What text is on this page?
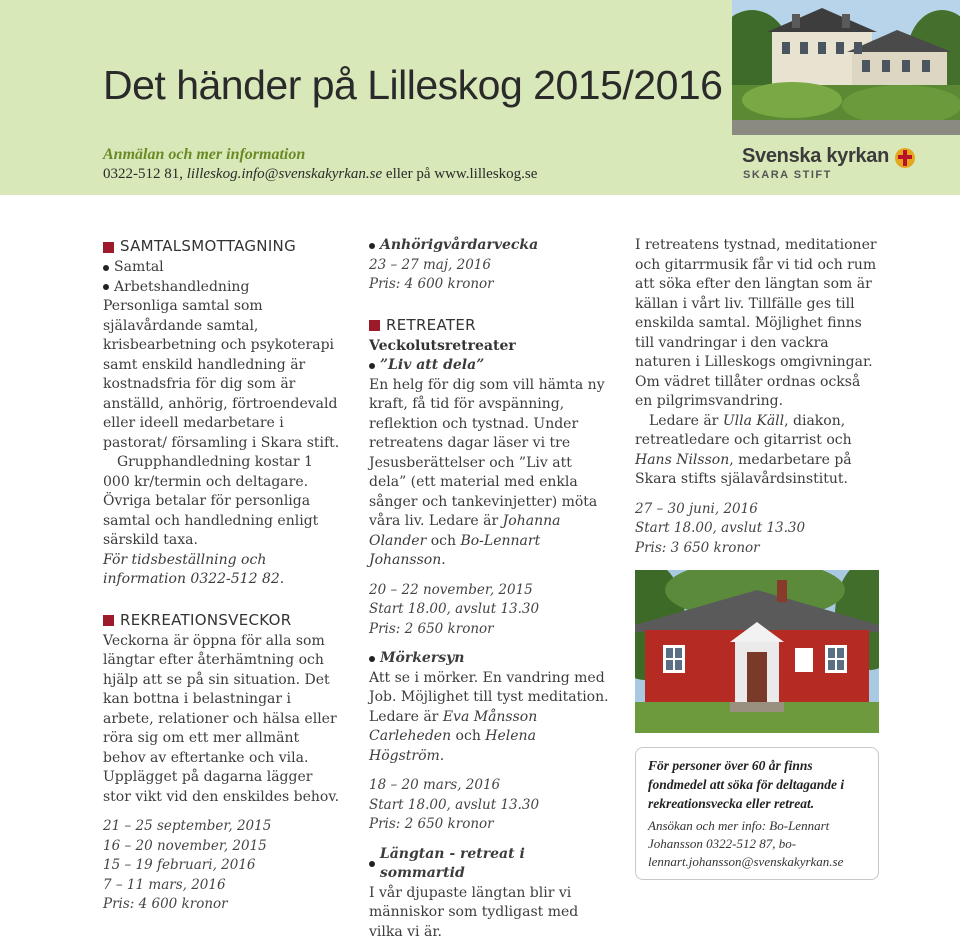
Det händer på Lilleskog 2015/2016
Anmälan och mer information
0322-512 81, lilleskog.info@svenskakyrkan.se eller på www.lilleskog.se
Svenska kyrkan
SKARA STIFT
SAMTALSMOTTAGNING
Samtal
Arbetshandledning

Personliga samtal som själavårdande samtal, krisbearbetning och psykoterapi samt enskild handledning är kostnadsfria för dig som är anställd, anhörig, förtroendevald eller ideell medarbetare i pastorat/ församling i Skara stift.

Grupphandledning kostar 1 000 kr/termin och deltagare. Övriga betalar för personliga samtal och handledning enligt särskild taxa.

För tidsbeställning och information 0322-512 82.

REKREATIONSVECKOR

Veckorna är öppna för alla som längtar efter återhämtning och hjälp att se på sin situation. Det kan bottna i belastningar i arbete, relationer och hälsa eller röra sig om ett mer allmänt behov av eftertanke och vila. Upplägget på dagarna lägger stor vikt vid den enskildes behov.

21 – 25 september, 2015

16 – 20 november, 2015

15 – 19 februari, 2016

7 – 11 mars, 2016

Pris: 4 600 kronor

Anhörigvårdarvecka

23 – 27 maj, 2016

Pris: 4 600 kronor

RETREATER

Veckolutsretreater

”Liv att dela”

En helg för dig som vill hämta ny kraft, få tid för avspänning, reflektion och tystnad. Under retreatens dagar läser vi tre Jesusberättelser och ”Liv att dela” (ett material med enkla sånger och tankevinjetter) möta våra liv. Ledare är Johanna Olander och Bo-Lennart Johansson.

20 – 22 november, 2015

Start 18.00, avslut 13.30

Pris: 2 650 kronor

Mörkersyn

Att se i mörker. En vandring med Job. Möjlighet till tyst meditation. Ledare är Eva Månsson Carleheden och Helena Högström.

18 – 20 mars, 2016

Start 18.00, avslut 13.30

Pris: 2 650 kronor

Längtan - retreat i sommartid

I vår djupaste längtan blir vi människor som tydligast med vilka vi är.

I retreatens tystnad, meditationer och gitarrmusik får vi tid och rum att söka efter den längtan som är källan i vårt liv. Tillfälle ges till enskilda samtal. Möjlighet finns till vandringar i den vackra naturen i Lilleskogs omgivningar. Om vädret tillåter ordnas också en pilgrimsvandring.

Ledare är Ulla Käll, diakon, retreatledare och gitarrist och Hans Nilsson, medarbetare på Skara stifts själavårdsinstitut.

27 – 30 juni, 2016

Start 18.00, avslut 13.30

Pris: 3 650 kronor

För personer över 60 år finns fondmedel att söka för deltagande i rekreationsvecka eller retreat.
Ansökan och mer info: Bo-Lennart Johansson 0322-512 87, bo-lennart.johansson@svenskakyrkan.se
